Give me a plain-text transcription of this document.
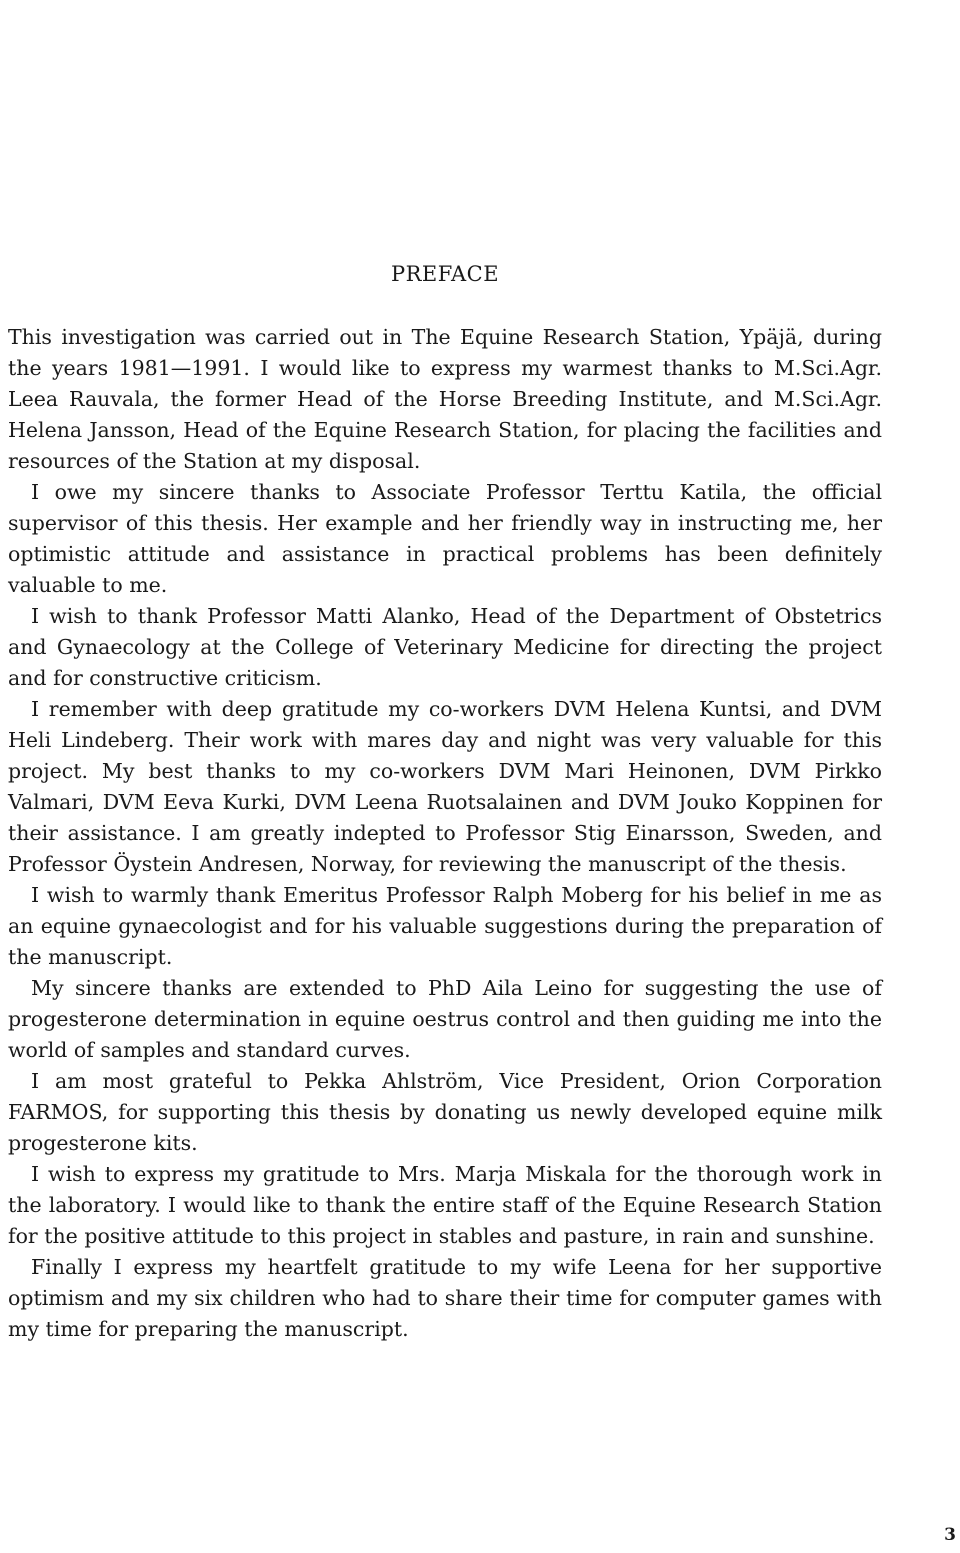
PREFACE

This investigation was carried out in The Equine Research Station, Ypäjä, during the years 1981—1991. I would like to express my warmest thanks to M.Sci.Agr. Leea Rauvala, the former Head of the Horse Breeding Institute, and M.Sci.Agr. Helena Jansson, Head of the Equine Research Station, for placing the facilities and resources of the Station at my disposal.

I owe my sincere thanks to Associate Professor Terttu Katila, the official supervisor of this thesis. Her example and her friendly way in instructing me, her optimistic attitude and assistance in practical problems has been definitely valuable to me.

I wish to thank Professor Matti Alanko, Head of the Department of Obstetrics and Gynaecology at the College of Veterinary Medicine for directing the project and for constructive criticism.

I remember with deep gratitude my co-workers DVM Helena Kuntsi, and DVM Heli Lindeberg. Their work with mares day and night was very valuable for this project. My best thanks to my co-workers DVM Mari Heinonen, DVM Pirkko Valmari, DVM Eeva Kurki, DVM Leena Ruotsalainen and DVM Jouko Koppinen for their assistance. I am greatly indepted to Professor Stig Einarsson, Sweden, and Professor Öystein Andresen, Norway, for reviewing the manuscript of the thesis.

I wish to warmly thank Emeritus Professor Ralph Moberg for his belief in me as an equine gynaecologist and for his valuable suggestions during the preparation of the manuscript.

My sincere thanks are extended to PhD Aila Leino for suggesting the use of progesterone determination in equine oestrus control and then guiding me into the world of samples and standard curves.

I am most grateful to Pekka Ahlström, Vice President, Orion Corporation FARMOS, for supporting this thesis by donating us newly developed equine milk progesterone kits.

I wish to express my gratitude to Mrs. Marja Miskala for the thorough work in the laboratory. I would like to thank the entire staff of the Equine Research Station for the positive attitude to this project in stables and pasture, in rain and sunshine.

Finally I express my heartfelt gratitude to my wife Leena for her supportive optimism and my six children who had to share their time for computer games with my time for preparing the manuscript.

3
